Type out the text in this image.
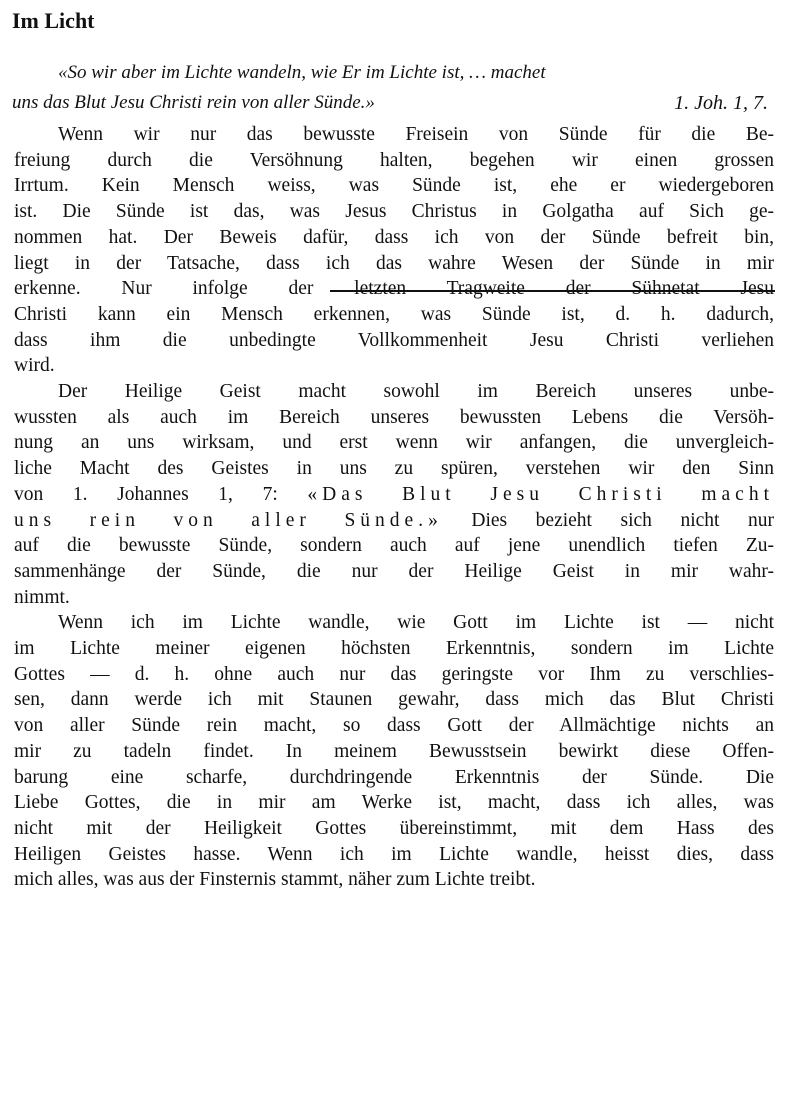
Im Licht
«So wir aber im Lichte wandeln, wie Er im Lichte ist, … machet
uns das Blut Jesu Christi rein von aller Sünde.»	1. Joh. 1, 7.

Wenn wir nur das bewusste Freisein von Sünde für die Be-
freiung durch die Versöhnung halten, begehen wir einen grossen
Irrtum. Kein Mensch weiss, was Sünde ist, ehe er wiedergeboren
ist. Die Sünde ist das, was Jesus Christus in Golgatha auf Sich ge-
nommen hat. Der Beweis dafür, dass ich von der Sünde befreit bin,
liegt in der Tatsache, dass ich das wahre Wesen der Sünde in mir
erkenne. Nur infolge der letzten Tragweite der Sühnetat Jesu
Christi kann ein Mensch erkennen, was Sünde ist, d. h. dadurch,
dass ihm die unbedingte Vollkommenheit Jesu Christi verliehen
wird.

Der Heilige Geist macht sowohl im Bereich unseres unbe-
wussten als auch im Bereich unseres bewussten Lebens die Versöh-
nung an uns wirksam, und erst wenn wir anfangen, die unvergleich-
liche Macht des Geistes in uns zu spüren, verstehen wir den Sinn
von 1. Johannes 1, 7: «Das Blut Jesu Christi macht
uns rein von aller Sünde.» Dies bezieht sich nicht nur
auf die bewusste Sünde, sondern auch auf jene unendlich tiefen Zu-
sammenhänge der Sünde, die nur der Heilige Geist in mir wahr-
nimmt.

Wenn ich im Lichte wandle, wie Gott im Lichte ist — nicht
im Lichte meiner eigenen höchsten Erkenntnis, sondern im Lichte
Gottes — d. h. ohne auch nur das geringste vor Ihm zu verschlies-
sen, dann werde ich mit Staunen gewahr, dass mich das Blut Christi
von aller Sünde rein macht, so dass Gott der Allmächtige nichts an
mir zu tadeln findet. In meinem Bewusstsein bewirkt diese Offen-
barung eine scharfe, durchdringende Erkenntnis der Sünde. Die
Liebe Gottes, die in mir am Werke ist, macht, dass ich alles, was
nicht mit der Heiligkeit Gottes übereinstimmt, mit dem Hass des
Heiligen Geistes hasse. Wenn ich im Lichte wandle, heisst dies, dass
mich alles, was aus der Finsternis stammt, näher zum Lichte treibt.
